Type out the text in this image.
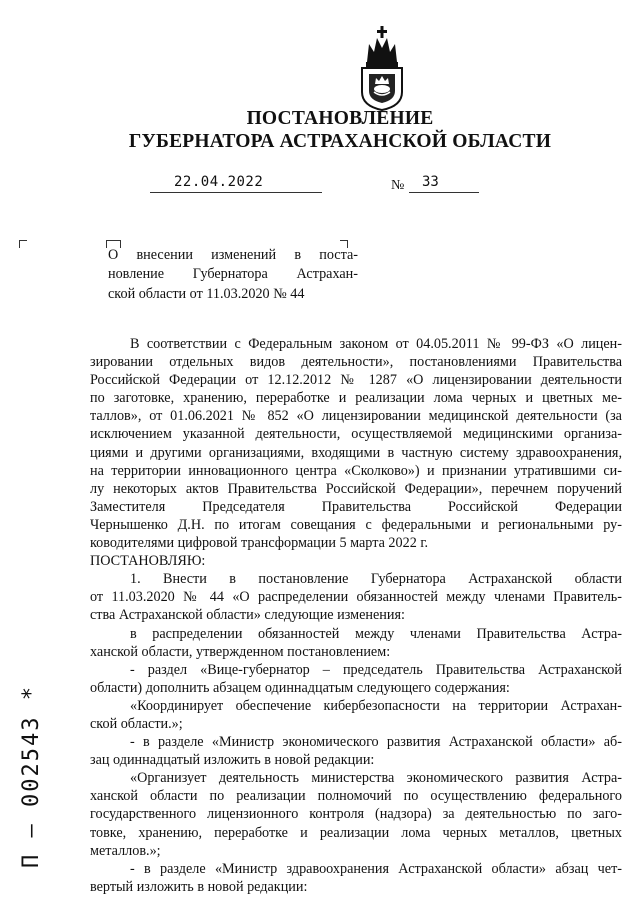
ПОСТАНОВЛЕНИЕ
ГУБЕРНАТОРА АСТРАХАНСКОЙ ОБЛАСТИ
22.04.2022	№ 33
О внесении изменений в поста-
новление Губернатора Астрахан-
ской области от 11.03.2020 № 44
В соответствии с Федеральным законом от 04.05.2011 № 99-ФЗ «О лицен-
зировании отдельных видов деятельности», постановлениями Правительства
Российской Федерации от 12.12.2012 № 1287 «О лицензировании деятельности
по заготовке, хранению, переработке и реализации лома черных и цветных ме-
таллов», от 01.06.2021 № 852 «О лицензировании медицинской деятельности (за
исключением указанной деятельности, осуществляемой медицинскими организа-
циями и другими организациями, входящими в частную систему здравоохранения,
на территории инновационного центра «Сколково») и признании утратившими си-
лу некоторых актов Правительства Российской Федерации», перечнем поручений
Заместителя Председателя Правительства Российской Федерации
Чернышенко Д.Н. по итогам совещания с федеральными и региональными ру-
ководителями цифровой трансформации 5 марта 2022 г.
ПОСТАНОВЛЯЮ:
1. Внести в постановление Губернатора Астраханской области
от 11.03.2020 № 44 «О распределении обязанностей между членами Правитель-
ства Астраханской области» следующие изменения:
в распределении обязанностей между членами Правительства Астра-
ханской области, утвержденном постановлением:
- раздел «Вице-губернатор – председатель Правительства Астраханской
области) дополнить абзацем одиннадцатым следующего содержания:
«Координирует обеспечение кибербезопасности на территории Астрахан-
ской области.»;
- в разделе «Министр экономического развития Астраханской области» аб-
зац одиннадцатый изложить в новой редакции:
«Организует деятельность министерства экономического развития Астра-
ханской области по реализации полномочий по осуществлению федерального
государственного лицензионного контроля (надзора) за деятельностью по заго-
товке, хранению, переработке и реализации лома черных металлов, цветных
металлов.»;
- в разделе «Министр здравоохранения Астраханской области» абзац чет-
вертый изложить в новой редакции:
П – 002543 *
